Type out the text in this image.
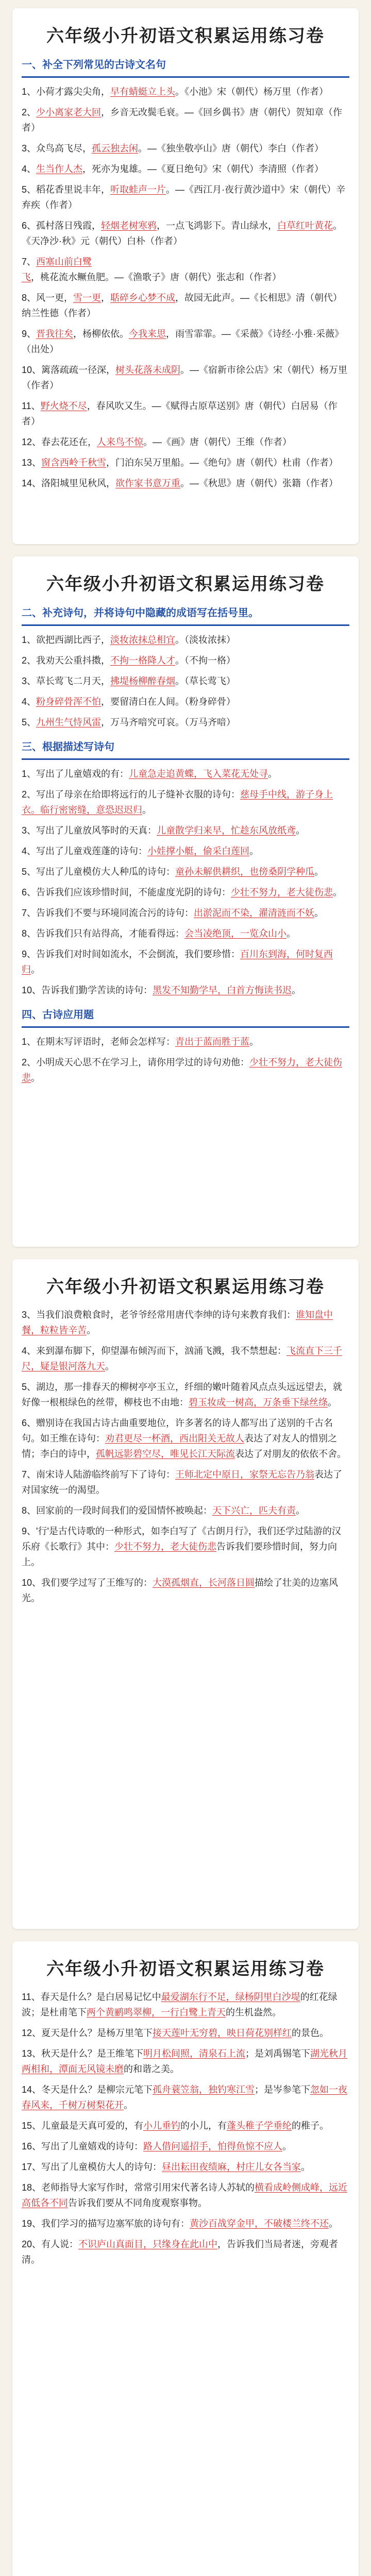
六年级小升初语文积累运用练习卷
一、补全下列常见的古诗文名句
1、小荷才露尖尖角，早有蜻蜓立上头。《小池》宋（朝代）杨万里（作者）
2、少小离家老大回，乡音无改鬓毛衰。—《回乡偶书》唐（朝代）贺知章（作者）
3、众鸟高飞尽，孤云独去闲。—《独坐敬亭山》唐（朝代）李白（作者）
4、生当作人杰，死亦为鬼雄。—《夏日绝句》宋（朝代）李清照（作者）
5、稻花香里说丰年，听取蛙声一片。—《西江月·夜行黄沙道中》宋（朝代）辛弃疾（作者）
6、孤村落日残霞，轻烟老树寒鸦，一点飞鸿影下。青山绿水，白草红叶黄花。《天净沙·秋》元（朝代）白朴（作者）
7、西塞山前白鹭飞，桃花流水鳜鱼肥。—《渔歌子》唐（朝代）张志和（作者）
8、风一更，雪一更，聒碎乡心梦不成，故园无此声。—《长相思》清（朝代）纳兰性德（作者）
9、晋我往矣，杨柳依依。今我来思，雨雪霏霏。—《采薇》《诗经·小雅·采薇》（出处）
10、篱落疏疏一径深，树头花落未成阴。—《宿新市徐公店》宋（朝代）杨万里（作者）
11、野火烧不尽，春风吹又生。—《赋得古原草送别》唐（朝代）白居易（作者）
12、春去花还在，人来鸟不惊。—《画》唐（朝代）王维（作者）
13、窗含西岭千秋雪，门泊东吴万里船。—《绝句》唐（朝代）杜甫（作者）
14、洛阳城里见秋风，欲作家书意万重。—《秋思》唐（朝代）张籍（作者）
六年级小升初语文积累运用练习卷
二、补充诗句，并将诗句中隐藏的成语写在括号里。
1、欲把西湖比西子，淡妆浓抹总相宜。（淡妆浓抹）
2、我劝天公重抖擞，不拘一格降人才。（不拘一格）
3、草长莺飞二月天，拂堤杨柳醉春烟。（草长莺飞）
4、粉身碎骨浑不怕，要留清白在人间。（粉身碎骨）
5、九州生气恃风雷，万马齐喑究可哀。（万马齐喑）
三、根据描述写诗句
1、写出了儿童嬉戏的有：儿童急走追黄蝶，飞入菜花无处寻。
2、写出了母亲在给即将远行的儿子缝补衣服的诗句：慈母手中线，游子身上衣。临行密密缝，意恐迟迟归。
3、写出了儿童放风筝时的天真：儿童散学归来早，忙趁东风放纸鸢。
4、写出了儿童戏莲蓬的诗句：小娃撑小艇，偷采白莲回。
5、写出了儿童模仿大人种瓜的诗句：童孙未解供耕织，也傍桑阴学种瓜。
6、告诉我们应该珍惜时间，不能虚度光阴的诗句：少壮不努力，老大徒伤悲。
7、告诉我们不要与环境同流合污的诗句：出淤泥而不染，濯清涟而不妖。
8、告诉我们只有站得高，才能看得远：会当凌绝顶，一览众山小。
9、告诉我们对时间如流水，不会倒流，我们要珍惜：百川东到海，何时复西归。
10、告诉我们勤学苦读的诗句：黑发不知勤学早，白首方悔读书迟。
四、古诗应用题
1、在期末写评语时，老师会怎样写：青出于蓝而胜于蓝。
2、小明成天心思不在学习上，请你用学过的诗句劝他：少壮不努力，老大徒伤悲。
六年级小升初语文积累运用练习卷
3、当我们浪费粮食时，老爷爷经常用唐代李绅的诗句来教育我们：谁知盘中餐，粒粒皆辛苦。
4、来到瀑布脚下，仰望瀑布倾泻而下，汹涌飞溅，我不禁想起：飞流直下三千尺，疑是银河落九天。
5、湖边，那一排春天的柳树亭亭玉立，纤细的嫩叶随着风点点头远远望去，就好像一根根绿色的丝带，柳枝也不由地：碧玉妆成一树高，万条垂下绿丝绦。
6、赠别诗在我国古诗古曲重要地位，许多著名的诗人都写出了送别的千古名句。如王维在诗句：劝君更尽一杯酒，西出阳关无故人表达了对友人的惜别之情；李白的诗中，孤帆远影碧空尽，唯见长江天际流表达了对朋友的依依不舍。
7、南宋诗人陆游临终前写下了诗句：王师北定中原日，家祭无忘告乃翁表达了对国家统一的渴望。
8、回家前的一段时间我们的爱国情怀被唤起：天下兴亡，匹夫有责。
9、'行'是古代诗歌的一种形式，如李白写了《古朗月行》，我们还学过陆游的汉乐府《长歌行》其中：少壮不努力，老大徒伤悲告诉我们要珍惜时间，努力向上。
10、我们要学过写了王维写的：大漠孤烟直，长河落日圆描绘了壮美的边塞风光。
六年级小升初语文积累运用练习卷
11、春天是什么？是白居易记忆中最爱湖东行不足，绿杨阴里白沙堤的红花绿波；是杜甫笔下两个黄鹂鸣翠柳，一行白鹭上青天的生机盎然。
12、夏天是什么？是杨万里笔下接天莲叶无穷碧，映日荷花别样红的景色。
13、秋天是什么？是王维笔下明月松间照，清泉石上流；是刘禹锡笔下湖光秋月两相和，潭面无风镜未磨的和谐之美。
14、冬天是什么？是柳宗元笔下孤舟蓑笠翁，独钓寒江雪；是岑参笔下忽如一夜春风来，千树万树梨花开。
15、儿童最是天真可爱的，有小儿垂钓的小儿，有蓬头稚子学垂纶的稚子。
16、写出了儿童嬉戏的诗句：路人借问遥招手，怕得鱼惊不应人。
17、写出了儿童模仿大人的诗句：昼出耘田夜绩麻，村庄儿女各当家。
18、老师指导大家写作时，常常引用宋代著名诗人苏轼的横看成岭侧成峰，远近高低各不同告诉我们要从不同角度观察事物。
19、我们学习的描写边塞军旅的诗句有：黄沙百战穿金甲，不破楼兰终不还。
20、有人说：不识庐山真面目，只缘身在此山中，告诉我们当局者迷，旁观者清。
